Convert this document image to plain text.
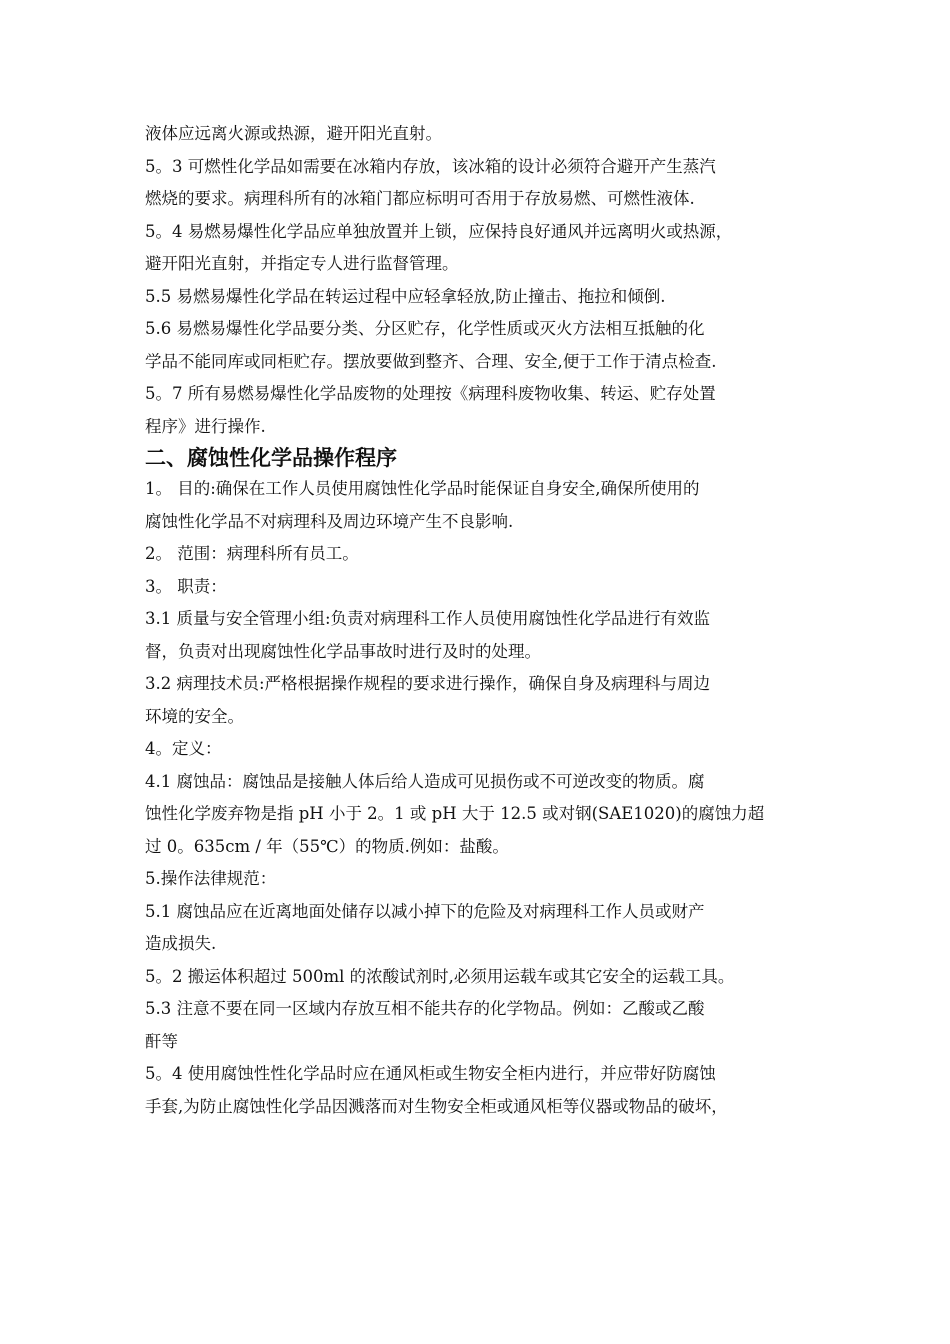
液体应远离火源或热源，避开阳光直射。
5。3 可燃性化学品如需要在冰箱内存放，该冰箱的设计必须符合避开产生蒸汽
燃烧的要求。病理科所有的冰箱门都应标明可否用于存放易燃、可燃性液体.
5。4 易燃易爆性化学品应单独放置并上锁，应保持良好通风并远离明火或热源，
避开阳光直射，并指定专人进行监督管理。
5.5 易燃易爆性化学品在转运过程中应轻拿轻放,防止撞击、拖拉和倾倒.
5.6 易燃易爆性化学品要分类、分区贮存，化学性质或灭火方法相互抵触的化
学品不能同库或同柜贮存。摆放要做到整齐、合理、安全,便于工作于清点检查.
5。7 所有易燃易爆性化学品废物的处理按《病理科废物收集、转运、贮存处置
程序》进行操作.
二、腐蚀性化学品操作程序
1。 目的:确保在工作人员使用腐蚀性化学品时能保证自身安全,确保所使用的
腐蚀性化学品不对病理科及周边环境产生不良影响.
2。 范围：病理科所有员工。
3。 职责：
3.1 质量与安全管理小组:负责对病理科工作人员使用腐蚀性化学品进行有效监
督，负责对出现腐蚀性化学品事故时进行及时的处理。
3.2 病理技术员:严格根据操作规程的要求进行操作，确保自身及病理科与周边
环境的安全。
4。定义：
4.1 腐蚀品：腐蚀品是接触人体后给人造成可见损伤或不可逆改变的物质。腐
蚀性化学废弃物是指 pH 小于 2。1 或 pH 大于 12.5 或对钢(SAE1020)的腐蚀力超
过 0。635cm / 年（55℃）的物质.例如：盐酸。
5.操作法律规范：
5.1 腐蚀品应在近离地面处储存以减小掉下的危险及对病理科工作人员或财产
造成损失.
5。2 搬运体积超过 500ml 的浓酸试剂时,必须用运载车或其它安全的运载工具。
5.3 注意不要在同一区域内存放互相不能共存的化学物品。例如：乙酸或乙酸
酐等
5。4 使用腐蚀性性化学品时应在通风柜或生物安全柜内进行，并应带好防腐蚀
手套,为防止腐蚀性化学品因溅落而对生物安全柜或通风柜等仪器或物品的破坏，
